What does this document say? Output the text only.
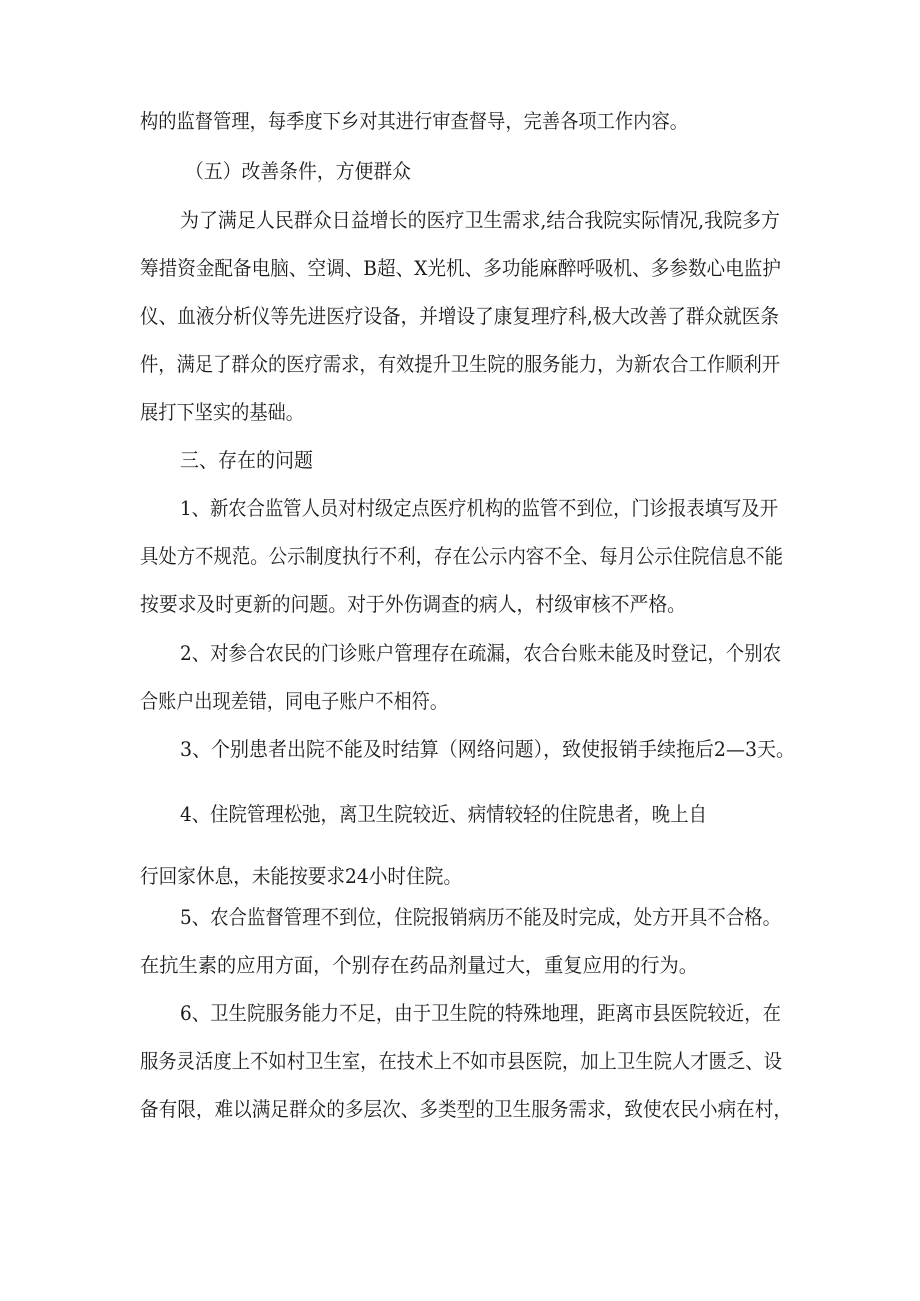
构的监督管理，每季度下乡对其进行审查督导，完善各项工作内容。
（五）改善条件，方便群众
为了满足人民群众日益增长的医疗卫生需求,结合我院实际情况,我院多方
筹措资金配备电脑、空调、B超、X光机、多功能麻醉呼吸机、多参数心电监护
仪、血液分析仪等先进医疗设备，并增设了康复理疗科,极大改善了群众就医条
件，满足了群众的医疗需求，有效提升卫生院的服务能力，为新农合工作顺利开
展打下坚实的基础。
三、存在的问题
1、新农合监管人员对村级定点医疗机构的监管不到位，门诊报表填写及开
具处方不规范。公示制度执行不利，存在公示内容不全、每月公示住院信息不能
按要求及时更新的问题。对于外伤调查的病人，村级审核不严格。
2、对参合农民的门诊账户管理存在疏漏，农合台账未能及时登记，个别农
合账户出现差错，同电子账户不相符。
3、个别患者出院不能及时结算（网络问题），致使报销手续拖后2—3天。
4、住院管理松弛，离卫生院较近、病情较轻的住院患者，晚上自
行回家休息，未能按要求24小时住院。
5、农合监督管理不到位，住院报销病历不能及时完成，处方开具不合格。
在抗生素的应用方面，个别存在药品剂量过大，重复应用的行为。
6、卫生院服务能力不足，由于卫生院的特殊地理，距离市县医院较近，在
服务灵活度上不如村卫生室，在技术上不如市县医院，加上卫生院人才匮乏、设
备有限，难以满足群众的多层次、多类型的卫生服务需求，致使农民小病在村，
